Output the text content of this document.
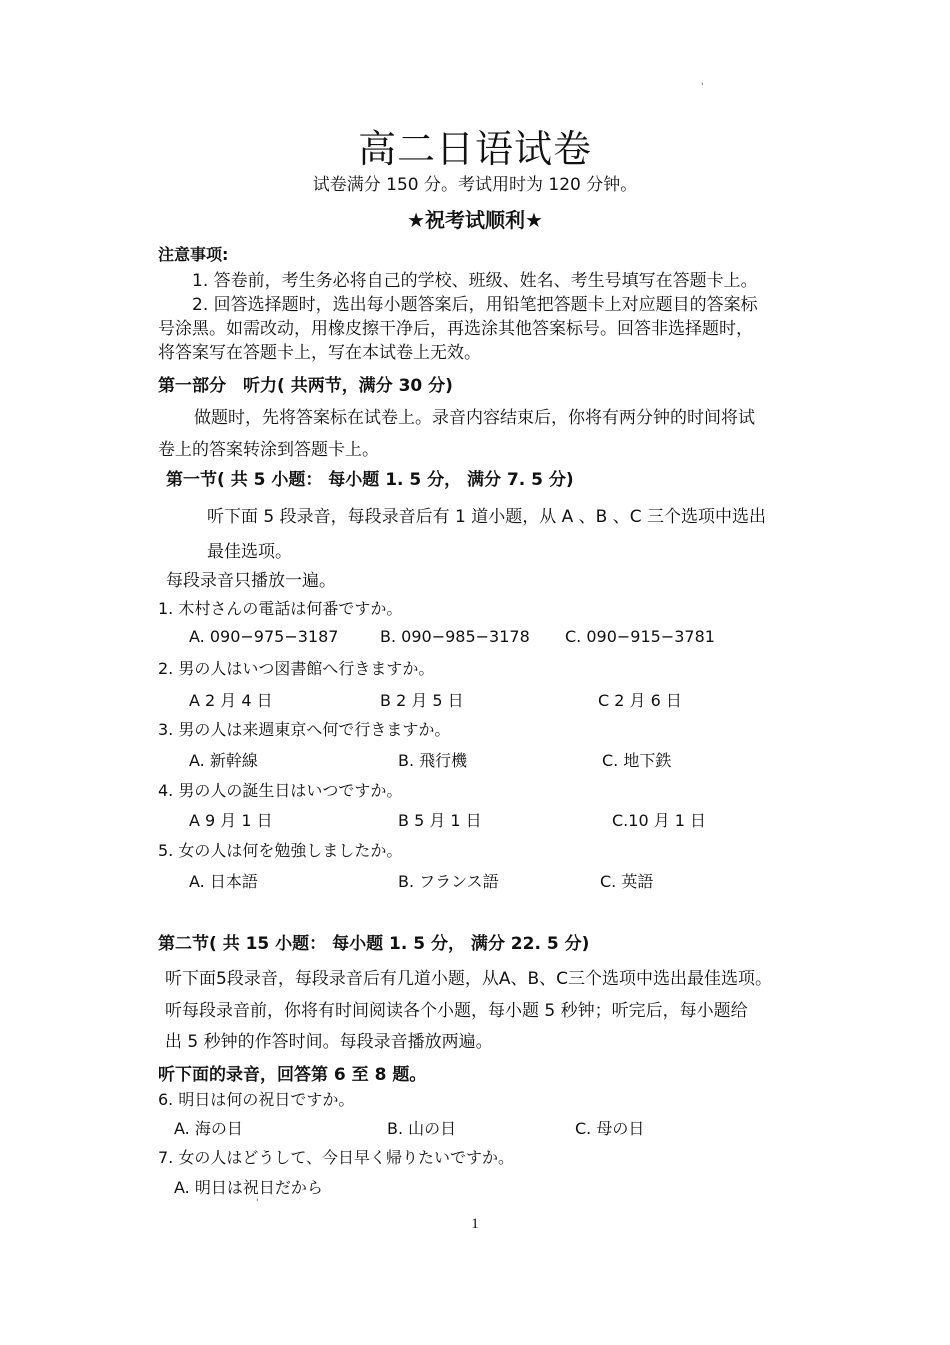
'
高二日语试卷
试卷满分 150 分。考试用时为 120 分钟。
★祝考试顺利★
注意事项:
1. 答卷前，考生务必将自己的学校、班级、姓名、考生号填写在答题卡上。
2. 回答选择题时，选出每小题答案后，用铅笔把答题卡上对应题目的答案标
号涂黑。如需改动，用橡皮擦干净后，再选涂其他答案标号。回答非选择题时，
将答案写在答题卡上，写在本试卷上无效。
第一部分　听力( 共两节，满分 30 分)
做题时，先将答案标在试卷上。录音内容结束后，你将有两分钟的时间将试
卷上的答案转涂到答题卡上。
第一节( 共 5 小题： 每小题 1. 5 分， 满分 7. 5 分)
听下面 5 段录音，每段录音后有 1 道小题，从 A 、B 、C 三个选项中选出
最佳选项。
每段录音只播放一遍。
1. 木村さんの電話は何番ですか。
A. 090−975−3187	B. 090−985−3178 C. 090−915−3781
2. 男の人はいつ図書館へ行きますか。
A 2 月 4 日	B 2 月 5 日	C 2 月 6 日
3. 男の人は来週東京へ何で行きますか。
A. 新幹線	B. 飛行機	C. 地下鉄
4. 男の人の誕生日はいつですか。
A 9 月 1 日	B 5 月 1 日	C.10 月 1 日
5. 女の人は何を勉強しましたか。
A. 日本語	B. フランス語	C. 英語
第二节( 共 15 小题： 每小题 1. 5 分， 满分 22. 5 分)
听下面5段录音，每段录音后有几道小题，从A、B、C三个选项中选出最佳选项。
听每段录音前，你将有时间阅读各个小题，每小题 5 秒钟；听完后，每小题给
出 5 秒钟的作答时间。每段录音播放两遍。
听下面的录音，回答第 6 至 8 题。
6. 明日は何の祝日ですか。
A. 海の日	B. 山の日	C. 母の日
7. 女の人はどうして、今日早く帰りたいですか。
A. 明日は祝日だから
'
1
